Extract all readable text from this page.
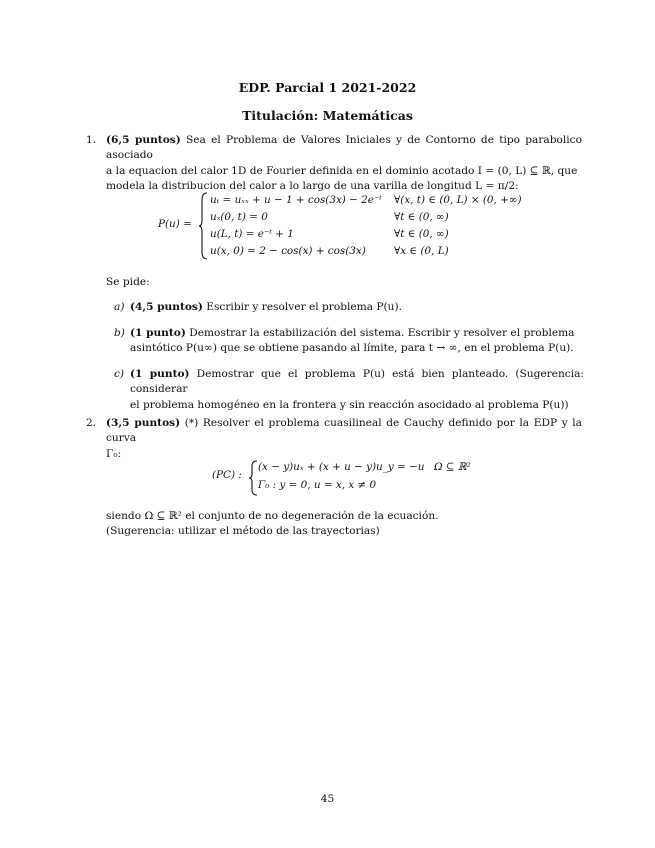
EDP. Parcial 1 2021-2022
Titulación: Matemáticas
1. (6,5 puntos) Sea el Problema de Valores Iniciales y de Contorno de tipo parabolico asociado
a la equacion del calor 1D de Fourier definida en el dominio acotado I = (0, L) ⊆ ℝ, que
modela la distribucion del calor a lo largo de una varilla de longitud L = π/2:
P(u) =
uₜ = uₓₓ + u − 1 + cos(3x) − 2e⁻ᵗ ∀(x, t) ∈ (0, L) × (0, +∞)
uₓ(0, t) = 0	∀t ∈ (0, ∞)
u(L, t) = e⁻ᵗ + 1	∀t ∈ (0, ∞)
u(x, 0) = 2 − cos(x) + cos(3x)	∀x ∈ (0, L)
Se pide:
a) (4,5 puntos) Escribir y resolver el problema P(u).
b) (1 punto) Demostrar la estabilización del sistema. Escribir y resolver el problema
asintótico P(u∞) que se obtiene pasando al límite, para t → ∞, en el problema P(u).
c) (1 punto) Demostrar que el problema P(u) está bien planteado. (Sugerencia: considerar
el problema homogéneo en la frontera y sin reacción asocidado al problema P(u))
2. (3,5 puntos) (*) Resolver el problema cuasilineal de Cauchy definido por la EDP y la curva
Γ₀:
(PC) :
(x − y)uₓ + (x + u − y)u_y = −u Ω ⊆ ℝ²
Γ₀ : y = 0, u = x, x ≠ 0
siendo Ω ⊆ ℝ² el conjunto de no degeneración de la ecuación.
(Sugerencia: utilizar el método de las trayectorias)
45
